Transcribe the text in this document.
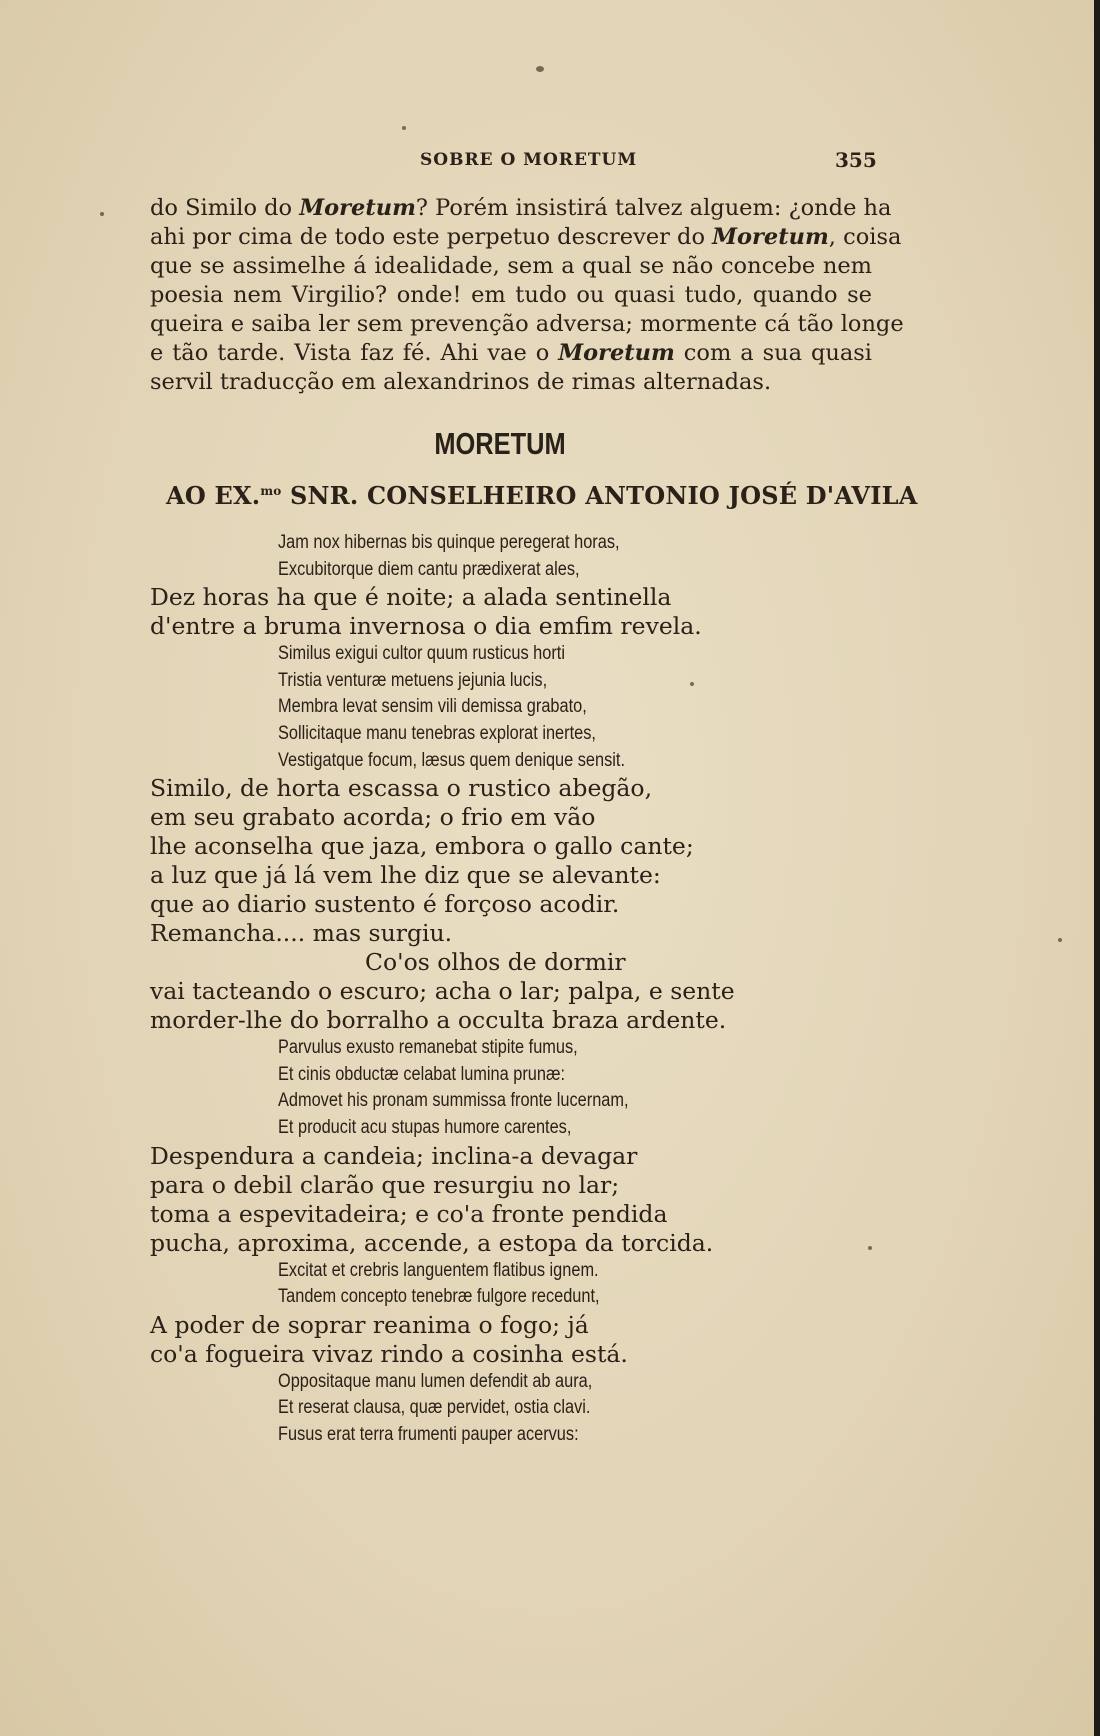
SOBRE O MORETUM	355
do Similo do Moretum? Porém insistirá talvez alguem: ¿onde ha
ahi por cima de todo este perpetuo descrever do Moretum, coisa
que se assimelhe á idealidade, sem a qual se não concebe nem
poesia nem Virgilio? onde! em tudo ou quasi tudo, quando se
queira e saiba ler sem prevenção adversa; mormente cá tão longe
e tão tarde. Vista faz fé. Ahi vae o Moretum com a sua quasi
servil traducção em alexandrinos de rimas alternadas.
MORETUM
AO EX.$^{mo}$ SNR. CONSELHEIRO ANTONIO JOSÉ D'AVILA
Jam nox hibernas bis quinque peregerat horas,
Excubitorque diem cantu prædixerat ales,
Dez horas ha que é noite; a alada sentinella
d'entre a bruma invernosa o dia emfim revela.
Similus exigui cultor quum rusticus horti
Tristia venturæ metuens jejunia lucis,
Membra levat sensim vili demissa grabato,
Sollicitaque manu tenebras explorat inertes,
Vestigatque focum, læsus quem denique sensit.
Similo, de horta escassa o rustico abegão,
em seu grabato acorda; o frio em vão
lhe aconselha que jaza, embora o gallo cante;
a luz que já lá vem lhe diz que se alevante:
que ao diario sustento é forçoso acodir.
Remancha.... mas surgiu.
Co'os olhos de dormir
vai tacteando o escuro; acha o lar; palpa, e sente
morder-lhe do borralho a occulta braza ardente.
Parvulus exusto remanebat stipite fumus,
Et cinis obductæ celabat lumina prunæ:
Admovet his pronam summissa fronte lucernam,
Et producit acu stupas humore carentes,
Despendura a candeia; inclina-a devagar
para o debil clarão que resurgiu no lar;
toma a espevitadeira; e co'a fronte pendida
pucha, aproxima, accende, a estopa da torcida.
Excitat et crebris languentem flatibus ignem.
Tandem concepto tenebræ fulgore recedunt,
A poder de soprar reanima o fogo; já
co'a fogueira vivaz rindo a cosinha está.
Oppositaque manu lumen defendit ab aura,
Et reserat clausa, quæ pervidet, ostia clavi.
Fusus erat terra frumenti pauper acervus:
